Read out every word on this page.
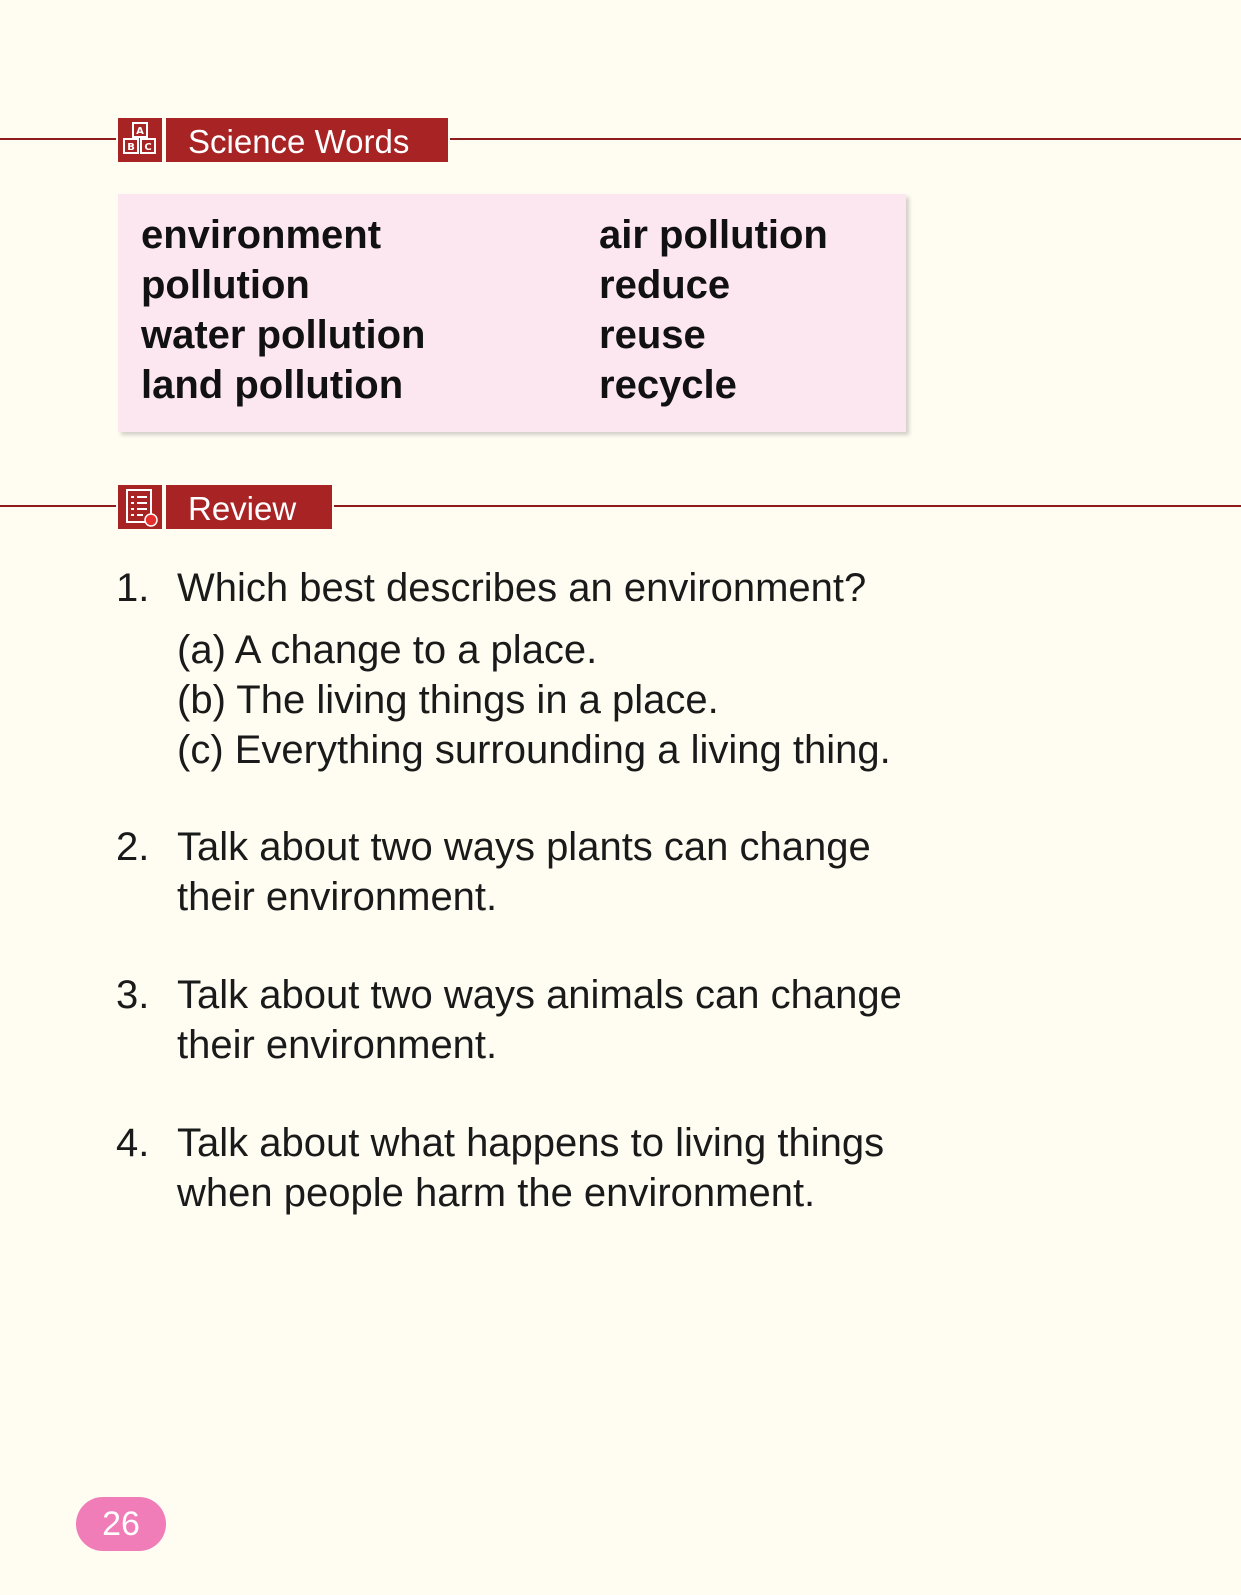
A
B C	Science Words
environment
pollution
water pollution
land pollution
air pollution
reduce
reuse
recycle
Review
1. Which best describes an environment?
(a) A change to a place.
(b) The living things in a place.
(c) Everything surrounding a living thing.
2. Talk about two ways plants can change their environment.
3. Talk about two ways animals can change their environment.
4. Talk about what happens to living things when people harm the environment.
26
